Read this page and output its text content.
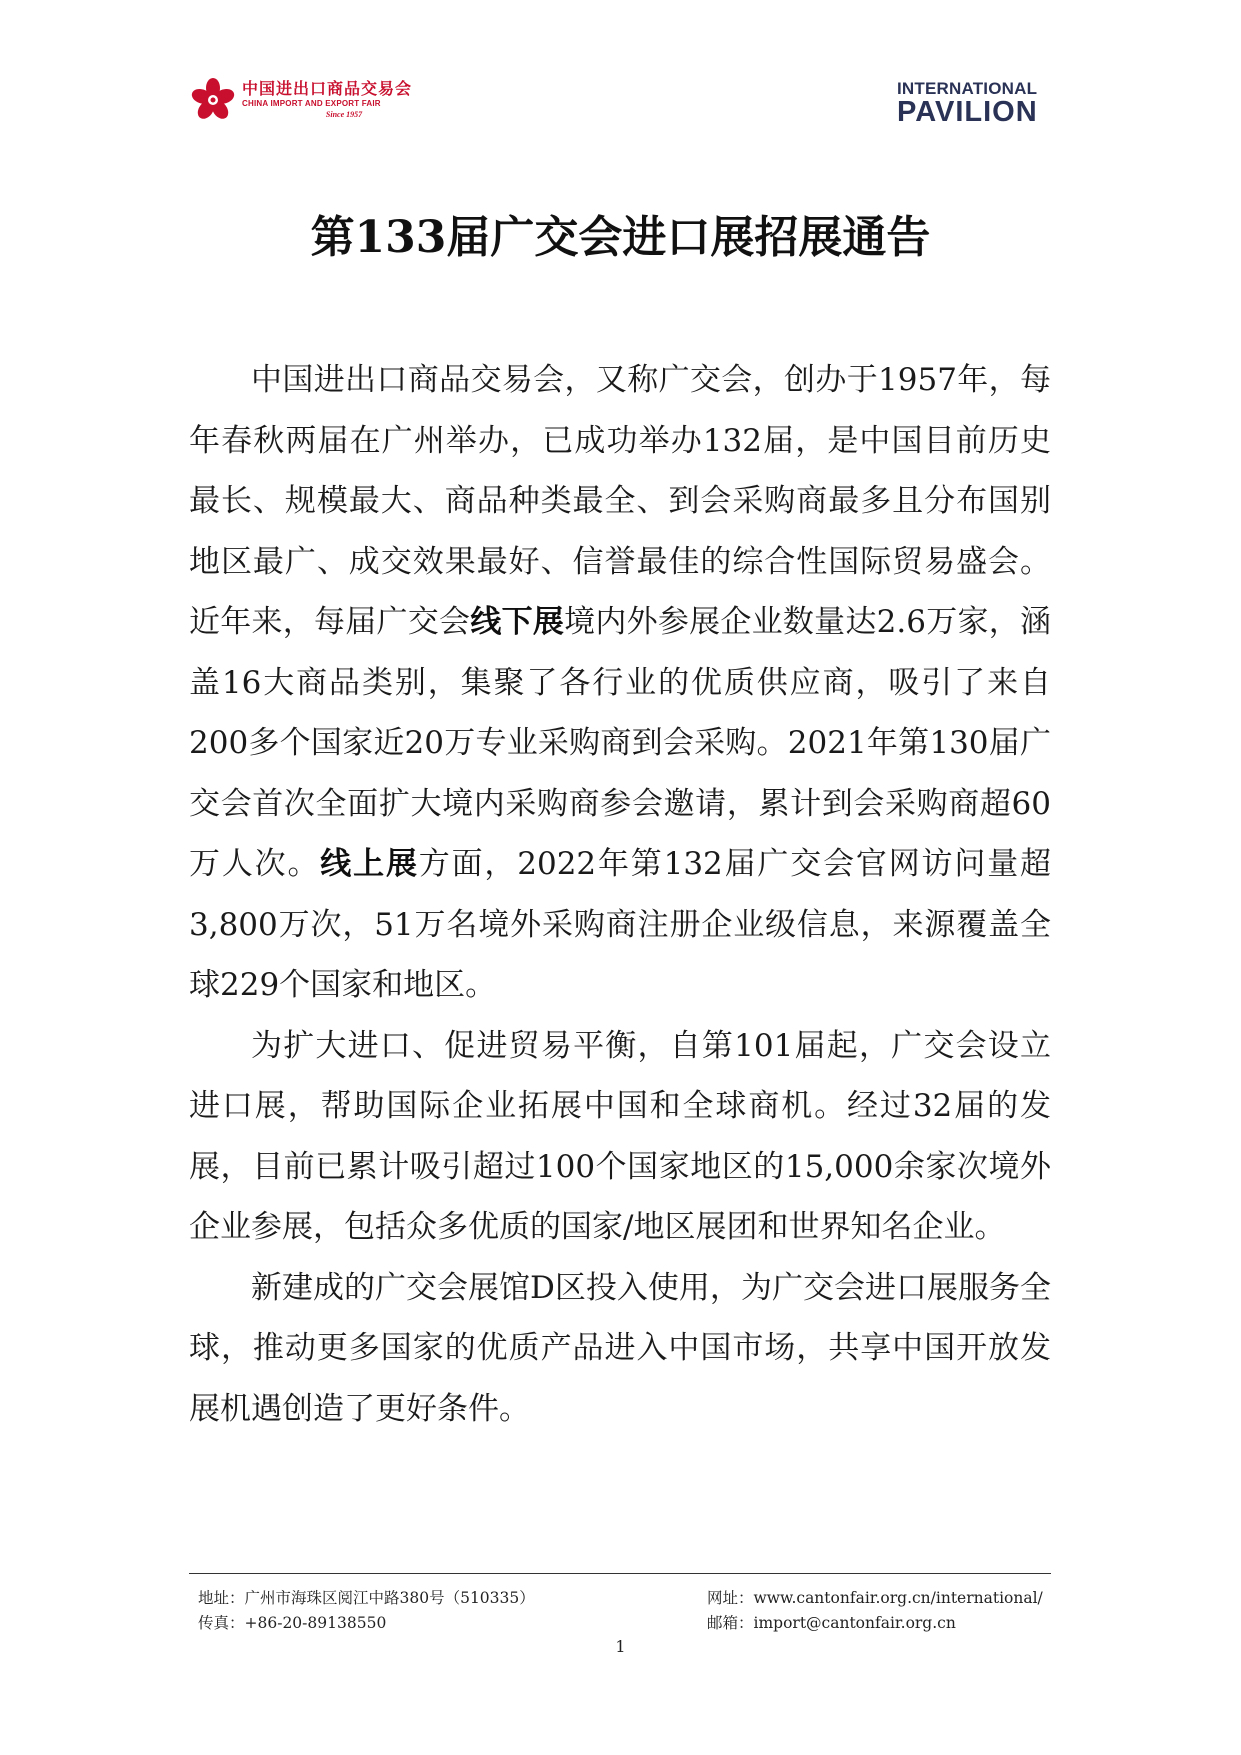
中国进出口商品交易会
CHINA IMPORT AND EXPORT FAIR
Since 1957
INTERNATIONAL
PAVILION
第133届广交会进口展招展通告

中国进出口商品交易会，又称广交会，创办于1957年，每年春秋两届在广州举办，已成功举办132届，是中国目前历史最长、规模最大、商品种类最全、到会采购商最多且分布国别地区最广、成交效果最好、信誉最佳的综合性国际贸易盛会。近年来，每届广交会线下展境内外参展企业数量达2.6万家，涵盖16大商品类别，集聚了各行业的优质供应商，吸引了来自200多个国家近20万专业采购商到会采购。2021年第130届广交会首次全面扩大境内采购商参会邀请，累计到会采购商超60万人次。线上展方面，2022年第132届广交会官网访问量超3,800万次，51万名境外采购商注册企业级信息，来源覆盖全球229个国家和地区。

为扩大进口、促进贸易平衡，自第101届起，广交会设立进口展，帮助国际企业拓展中国和全球商机。经过32届的发展，目前已累计吸引超过100个国家地区的15,000余家次境外企业参展，包括众多优质的国家/地区展团和世界知名企业。

新建成的广交会展馆D区投入使用，为广交会进口展服务全球，推动更多国家的优质产品进入中国市场，共享中国开放发展机遇创造了更好条件。

地址：广州市海珠区阅江中路380号（510335）
传真：+86-20-89138550
网址：www.cantonfair.org.cn/international/
邮箱：import@cantonfair.org.cn
1
